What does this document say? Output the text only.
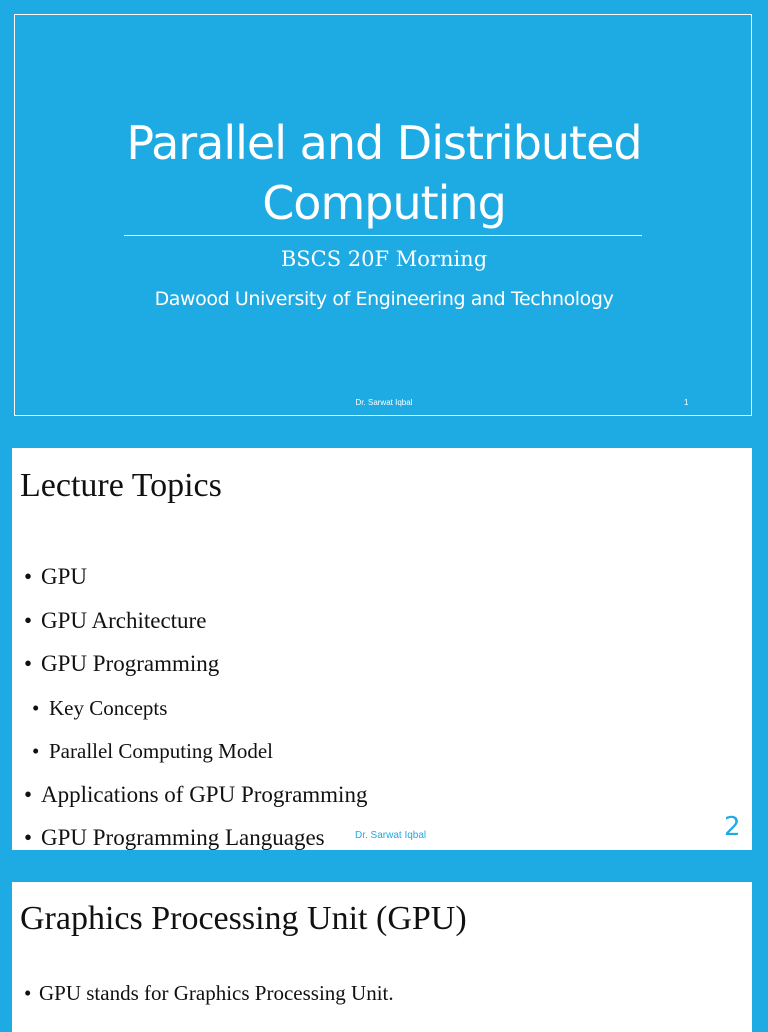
Parallel and Distributed
Computing
BSCS 20F Morning
Dawood University of Engineering and Technology
Dr. Sarwat Iqbal	1
Lecture Topics
• GPU
• GPU Architecture
• GPU Programming
• Key Concepts
• Parallel Computing Model
• Applications of GPU Programming
• GPU Programming Languages	Dr. Sarwat Iqbal	2
Graphics Processing Unit (GPU)
• GPU stands for Graphics Processing Unit.
